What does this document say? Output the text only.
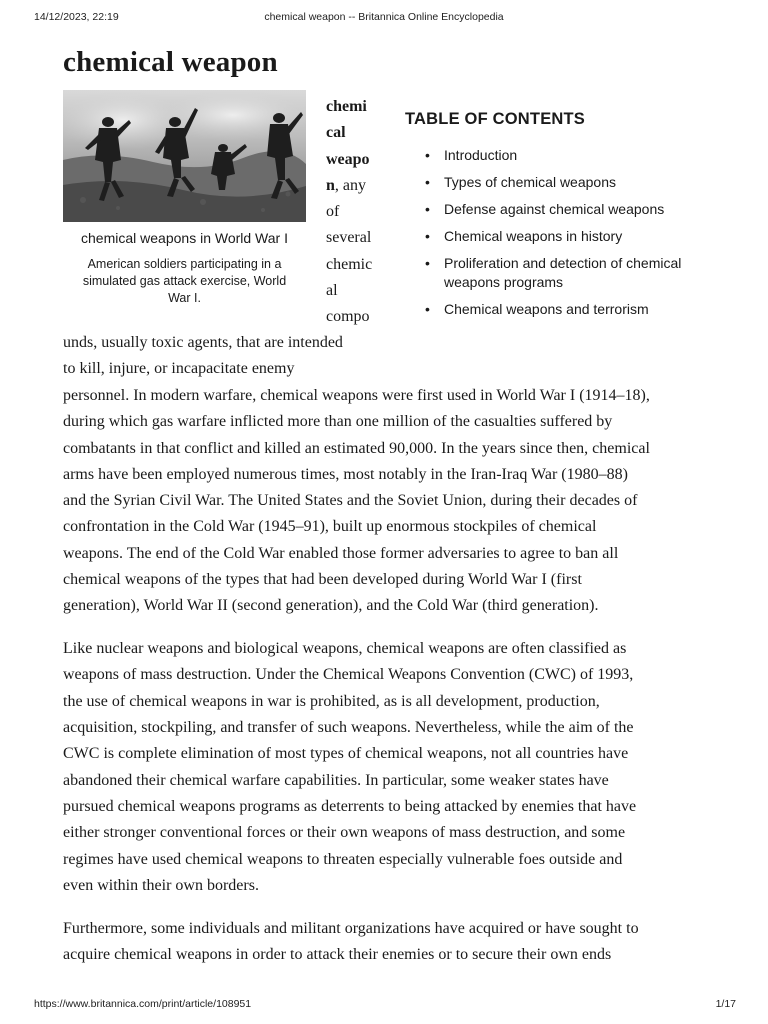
14/12/2023, 22:19	chemical weapon -- Britannica Online Encyclopedia
chemical weapon
chemical weapons in World War I
American soldiers participating in a simulated gas attack exercise, World War I.
chemi
cal
weapo
n, any
of
several
chemic
al
compo
TABLE OF CONTENTS
• Introduction
• Types of chemical weapons
• Defense against chemical weapons
• Chemical weapons in history
• Proliferation and detection of chemical weapons programs
• Chemical weapons and terrorism
unds, usually toxic agents, that are intended
to kill, injure, or incapacitate enemy

personnel. In modern warfare, chemical weapons were first used in World War I (1914–18),
during which gas warfare inflicted more than one million of the casualties suffered by
combatants in that conflict and killed an estimated 90,000. In the years since then, chemical
arms have been employed numerous times, most notably in the Iran-Iraq War (1980–88)
and the Syrian Civil War. The United States and the Soviet Union, during their decades of
confrontation in the Cold War (1945–91), built up enormous stockpiles of chemical
weapons. The end of the Cold War enabled those former adversaries to agree to ban all
chemical weapons of the types that had been developed during World War I (first
generation), World War II (second generation), and the Cold War (third generation).

Like nuclear weapons and biological weapons, chemical weapons are often classified as
weapons of mass destruction. Under the Chemical Weapons Convention (CWC) of 1993,
the use of chemical weapons in war is prohibited, as is all development, production,
acquisition, stockpiling, and transfer of such weapons. Nevertheless, while the aim of the
CWC is complete elimination of most types of chemical weapons, not all countries have
abandoned their chemical warfare capabilities. In particular, some weaker states have
pursued chemical weapons programs as deterrents to being attacked by enemies that have
either stronger conventional forces or their own weapons of mass destruction, and some
regimes have used chemical weapons to threaten especially vulnerable foes outside and
even within their own borders.

Furthermore, some individuals and militant organizations have acquired or have sought to
acquire chemical weapons in order to attack their enemies or to secure their own ends

https://www.britannica.com/print/article/108951	1/17
